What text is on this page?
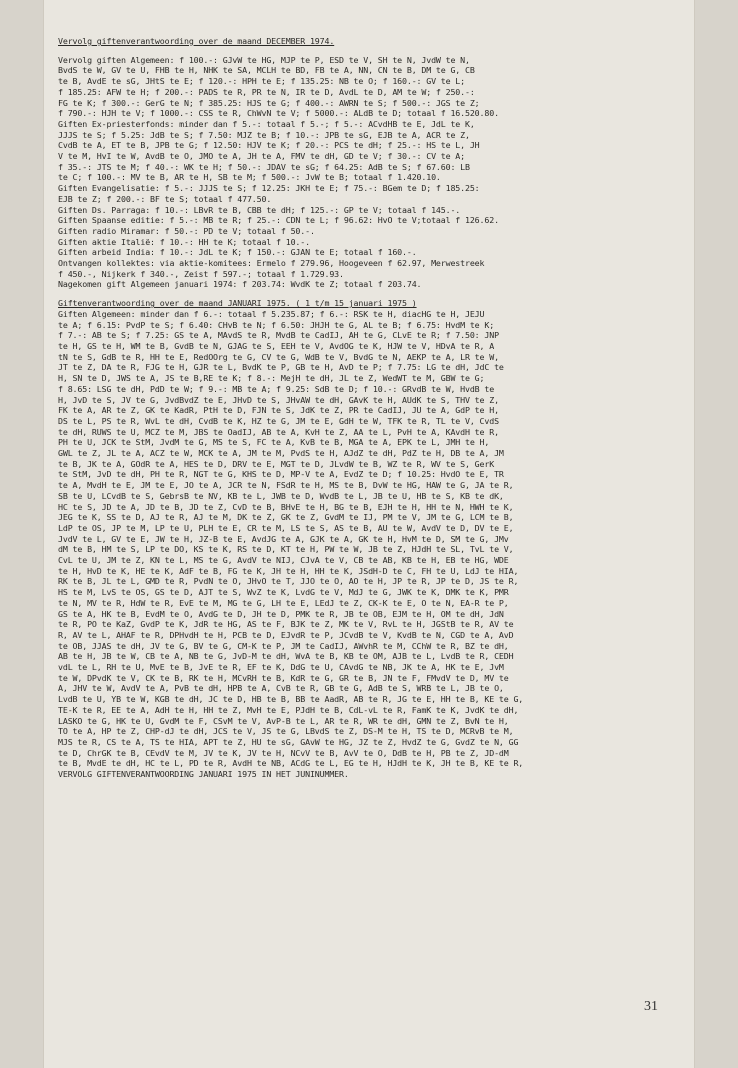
Vervolg giftenverantwoording over de maand DECEMBER 1974.
Vervolg giften Algemeen: f 100.-: GJvW te HG, MJP te P, ESD te V, SH te N, JvdW te N,
BvdS te W, GV te U, FHB te H, NHK te SA, MCLH te BD, FB te A, NN, CN te B, DM te G, CB
te B, AvdE te sG, JHtS te E; f 120.-: HPH te E; f 135.25: NB te O; f 160.-: GV te L;
f 185.25: AFW te H; f 200.-: PADS te R, PR te N, IR te D, AvdL te D, AM te W; f 250.-:
FG te K; f 300.-: GerG te N; f 385.25: HJS te G; f 400.-: AWRN te S; f 500.-: JGS te Z;
f 790.-: HJH te V; f 1000.-: CSS te R, ChWvN te V; f 5000.-: ALdB te D; totaal f 16.520.80.
Giften Ex-priesterfonds: minder dan f 5.-: totaal f 5.-; f 5.-: ACvdHB te E, JdL te K,
JJJS te S; f 5.25: JdB te S; f 7.50: MJZ te B; f 10.-: JPB te sG, EJB te A, ACR te Z,
CvdB te A, ET te B, JPB te G; f 12.50: HJV te K; f 20.-: PCS te dH; f 25.-: HS te L, JH
V te M, HvI te W, AvdB te O, JMO te A, JH te A, FMV te dH, GD te V; f 30.-: CV te A;
f 35.-: JTS te M; f 40.-: WK te H; f 50.-: JDAV te sG; f 64.25: AdB te S; f 67.60: LB
te C; f 100.-: MV te B, AR te H, SB te M; f 500.-: JvW te B; totaal f 1.420.10.
Giften Evangelisatie: f 5.-: JJJS te S; f 12.25: JKH te E; f 75.-: BGem te D; f 185.25:
EJB te Z; f 200.-: BF te S; totaal f 477.50.
Giften Ds. Parraga: f 10.-: LBvR te B, CBB te dH; f 125.-: GP te V; totaal f 145.-.
Giften Spaanse editie: f 5.-: MB te R; f 25.-: CDN te L; f 96.62: HvO te V;totaal f 126.62.
Giften radio Miramar: f 50.-: PD te V; totaal f 50.-.
Giften aktie Italië: f 10.-: HH te K; totaal f 10.-.
Giften arbeid India: f 10.-: JdL te K; f 150.-: GJAN te E; totaal f 160.-.
Ontvangen kollektes: via aktie-komitees: Ermelo f 279.96, Hoogeveen f 62.97, Merwestreek
f 450.-, Nijkerk f 340.-, Zeist f 597.-; totaal f 1.729.93.
Nagekomen gift Algemeen januari 1974: f 203.74: WvdK te Z; totaal f 203.74.
Giftenverantwoording over de maand JANUARI 1975. ( 1 t/m 15 januari 1975 )
Giften Algemeen: minder dan f 6.-: totaal f 5.235.87; f 6.-: RSK te H, diacHG te H, JEJU
te A; f 6.15: PvdP te S; f 6.40: CHvB te N; f 6.50: JHJH te G, AL te B; f 6.75: HvdM te K;
f 7.-: AB te S; f 7.25: GS te A, MAvdS te R, MvdB te CadIJ, AH te G, CLvE te R; f 7.50: JNP
te H, GS te H, WM te B, GvdB te N, GJAG te S, EEH te V, AvdOG te K, HJW te V, HDvA te R, A
tN te S, GdB te R, HH te E, RedOOrg te G, CV te G, WdB te V, BvdG te N, AEKP te A, LR te W,
JT te Z, DA te R, FJG te H, GJR te L, BvdK te P, GB te H, AvD te P; f 7.75: LG te dH, JdC te
H, SN te D, JWS te A, JS te B,RE te K; f 8.-: MejH te dH, JL te Z, WedWT te M, GBW te G;
f 8.65: LSG te dH, PdD te W; f 9.-: MB te A; f 9.25: SdB te D; f 10.-: GRvdB te W, HvdB te
H, JvD te S, JV te G, JvdBvdZ te E, JHvD te S, JHvAW te dH, GAvK te H, AUdK te S, THV te Z,
FK te A, AR te Z, GK te KadR, PtH te D, FJN te S, JdK te Z, PR te CadIJ, JU te A, GdP te H,
DS te L, PS te R, WvL te dH, CvdB te K, HZ te G, JM te E, GdH te W, TFK te R, TL te V, CvdS
te dH, RUWS te U, MCZ te M, JBS te OadIJ, AB te A, KvH te Z, AA te L, PvH te A, KAvdH te R,
PH te U, JCK te StM, JvdM te G, MS te S, FC te A, KvB te B, MGA te A, EPK te L, JMH te H,
GWL te Z, JL te A, ACZ te W, MCK te A, JM te M, PvdS te H, AJdZ te dH, PdZ te H, DB te A, JM
te B, JK te A, GOdR te A, HES te D, DRV te E, MGT te D, JLvdW te B, WZ te R, WV te S, GerK
te StM, JvD te dH, PH te R, NGT te G, KHS te D, MP-V te A, EvdZ te D; f 10.25: HvdO te E, TR
te A, MvdH te E, JM te E, JO te A, JCR te N, FSdR te H, MS te B, DvW te HG, HAW te G, JA te R,
SB te U, LCvdB te S, GebrsB te NV, KB te L, JWB te D, WvdB te L, JB te U, HB te S, KB te dK,
HC te S, JD te A, JD te B, JD te Z, CvD te B, BHvE te H, BG te B, EJH te H, HH te N, HWH te K,
JEG te K, SS te D, AJ te R, AJ te M, DK te Z, GK te Z, GvdM te IJ, PM te V, JM te G, LCM te B,
LdP te OS, JP te M, LP te U, PLH te E, CR te M, LS te S, AS te B, AU te W, AvdV te D, DV te E,
JvdV te L, GV te E, JW te H, JZ-B te E, AvdJG te A, GJK te A, GK te H, HvM te D, SM te G, JMv
dM te B, HM te S, LP te DO, KS te K, RS te D, KT te H, PW te W, JB te Z, HJdH te SL, TvL te V,
CvL te U, JM te Z, KN te L, MS te G, AvdV te NIJ, CJvA te V, CB te AB, KB te H, EB te HG, WDE
te H, HvD te K, HE te K, AdF te B, FG te K, JH te H, HH te K, JSdH-D te C, FH te U, LdJ te HIA,
RK te B, JL te L, GMD te R, PvdN te O, JHvO te T, JJO te O, AO te H, JP te R, JP te D, JS te R,
HS te M, LvS te OS, GS te D, AJT te S, WvZ te K, LvdG te V, MdJ te G, JWK te K, DMK te K, PMR
te N, MV te R, HdW te R, EvE te M, MG te G, LH te E, LEdJ te Z, CK-K te E, O te N, EA-R te P,
GS te A, HK te B, EvdM te O, AvdG te D, JH te D, PMK te R, JB te OB, EJM te H, OM te dH, JdN
te R, PO te KaZ, GvdP te K, JdR te HG, AS te F, BJK te Z, MK te V, RvL te H, JGStB te R, AV te
R, AV te L, AHAF te R, DPHvdH te H, PCB te D, EJvdR te P, JCvdB te V, KvdB te N, CGD te A, AvD
te OB, JJAS te dH, JV te G, BV te G, CM-K te P, JM te CadIJ, AWvhR te M, CChW te R, BZ te dH,
AB te H, JB te W, CB te A, NB te G, JvD-M te dH, WvA te B, KB te OM, AJB te L, LvdB te R, CEDH
vdL te L, RH te U, MvE te B, JvE te R, EF te K, DdG te U, CAvdG te NB, JK te A, HK te E, JvM
te W, DPvdK te V, CK te B, RK te H, MCvRH te B, KdR te G, GR te B, JN te F, FMvdV te D, MV te
A, JHV te W, AvdV te A, PvB te dH, HPB te A, CvB te R, GB te G, AdB te S, WRB te L, JB te O,
LvdB te U, YB te W, KGB te dH, JC te D, HB te B, BB te AadR, AB te R, JG te E, HH te B, KE te G,
TE-K te R, EE te A, AdH te H, HH te Z, MvH te E, PJdH te B, CdL-vL te R, FamK te K, JvdK te dH,
LASKO te G, HK te U, GvdM te F, CSvM te V, AvP-B te L, AR te R, WR te dH, GMN te Z, BvN te H,
TO te A, HP te Z, CHP-dJ te dH, JCS te V, JS te G, LBvdS te Z, DS-M te H, TS te D, MCRvB te M,
MJS te R, CS te A, TS te HIA, APT te Z, HU te sG, GAvW te HG, JZ te Z, HvdZ te G, GvdZ te N, GG
te D, ChrGK te B, CEvdV te M, JV te K, JV te H, NCvV te B, AvV te O, DdB te H, PB te Z, JD-dM
te B, MvdE te dH, HC te L, PD te R, AvdH te NB, ACdG te L, EG te H, HJdH te K, JH te B, KE te R,
VERVOLG GIFTENVERANTWOORDING JANUARI 1975 IN HET JUNINUMMER.
31
